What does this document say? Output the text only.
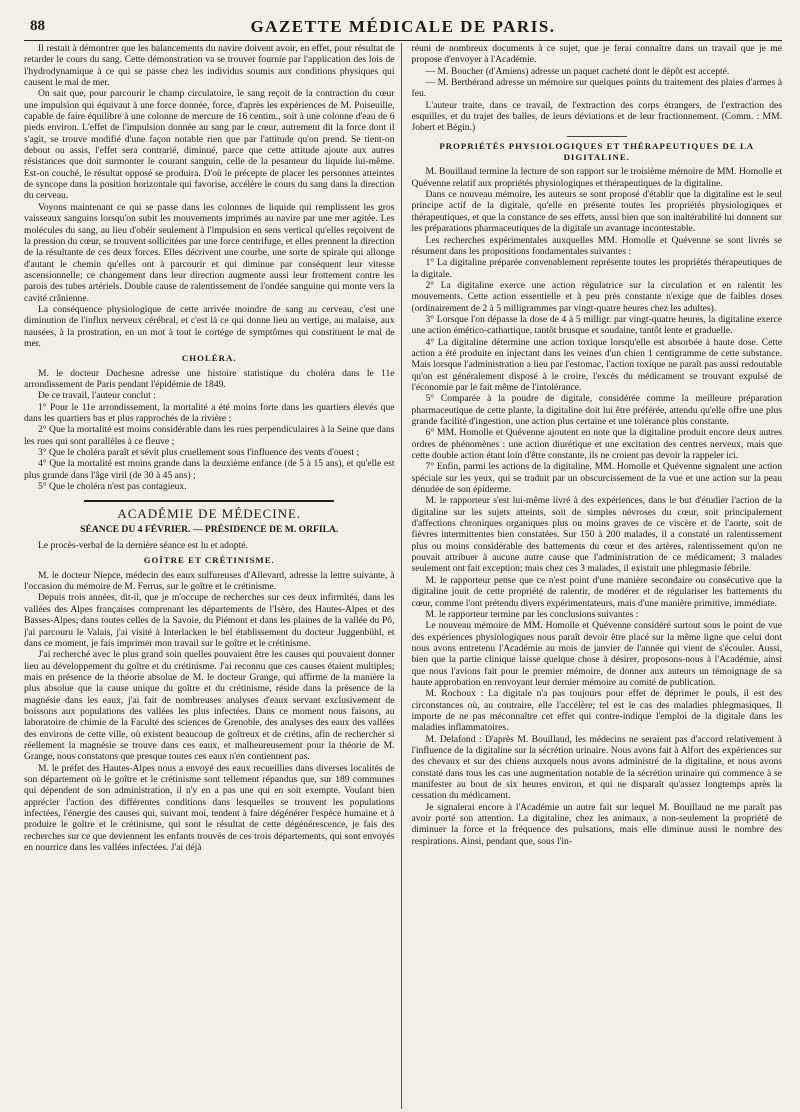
88	GAZETTE MÉDICALE DE PARIS.

Il restait à démontrer que les balancements du navire doivent avoir, en effet, pour résultat de retarder le cours du sang. Cette démonstration va se trouver fournie par l'application des lois de l'hydrodynamique à ce qui se passe chez les individus soumis aux conditions physiques qui causent le mal de mer.

On sait que, pour parcourir le champ circulatoire, le sang reçoit de la contraction du cœur une impulsion qui équivaut à une force donnée, force, d'après les expériences de M. Poiseuille, capable de faire équilibre à une colonne de mercure de 16 centim., soit à une colonne d'eau de 6 pieds environ. L'effet de l'impulsion donnée au sang par le cœur, autrement dit la force dont il s'agit, se trouve modifié d'une façon notable rien que par l'attitude qu'on prend. Se tient-on debout ou assis, l'effet sera contrarié, diminué, parce que cette attitude ajoute aux autres résistances que doit surmonter le courant sanguin, celle de la pesanteur du liquide lui-même. Est-on couché, le résultat opposé se produira. D'où le précepte de placer les personnes atteintes de syncope dans la position horizontale qui favorise, accélère le cours du sang dans la direction du cerveau.

Voyons maintenant ce qui se passe dans les colonnes de liquide qui remplissent les gros vaisseaux sanguins lorsqu'on subit les mouvements imprimés au navire par une mer agitée. Les molécules du sang, au lieu d'obéir seulement à l'impulsion en sens vertical qu'elles reçoivent de la pression du cœur, se trouvent sollicitées par une force centrifuge, et elles prennent la direction de la résultante de ces deux forces. Elles décrivent une courbe, une sorte de spirale qui allonge d'autant le chemin qu'elles ont à parcourir et qui diminue par conséquent leur vitesse ascensionnelle; ce changement dans leur direction augmente aussi leur frottement contre les parois des tubes artériels. Double cause de ralentissement de l'ondée sanguine qui monte vers la cavité crânienne.

La conséquence physiologique de cette arrivée moindre de sang au cerveau, c'est une diminution de l'influx nerveux cérébral, et c'est là ce qui donne lieu au vertige, au malaise, aux nausées, à la prostration, en un mot à tout le cortége de symptômes qui constituent le mal de mer.

CHOLÉRA.

M. le docteur Duchesne adresse une histoire statistique du choléra dans le 11e arrondissement de Paris pendant l'épidémie de 1849.

De ce travail, l'auteur conclut :

1° Pour le 11e arrondissement, la mortalité a été moins forte dans les quartiers élevés que dans les quartiers bas et plus rapprochés de la rivière ;

2° Que la mortalité est moins considérable dans les rues perpendiculaires à la Seine que dans les rues qui sont parallèles à ce fleuve ;

3° Que le choléra paraît et sévit plus cruellement sous l'influence des vents d'ouest ;

4° Que la mortalité est moins grande dans la deuxième enfance (de 5 à 15 ans), et qu'elle est plus grande dans l'âge viril (de 30 à 45 ans) ;

5° Que le choléra n'est pas contagieux.

ACADÉMIE DE MÉDECINE.
SÉANCE DU 4 FÉVRIER. — PRÉSIDENCE DE M. ORFILA.

Le procès-verbal de la dernière séance est lu et adopté.

GOÎTRE ET CRÉTINISME.

M. le docteur Niepce, médecin des eaux sulfureuses d'Allevard, adresse la lettre suivante, à l'occasion du mémoire de M. Ferrus, sur le goître et le crétinisme.

Depuis trois années, dit-il, que je m'occupe de recherches sur ces deux infirmités, dans les vallées des Alpes françaises comprenant les départements de l'Isère, des Hautes-Alpes et des Basses-Alpes; dans toutes celles de la Savoie, du Piémont et dans les plaines de la vallée du Pô, j'ai parcouru le Valais, j'ai visité à Interlacken le bel établissement du docteur Juggenbühl, et dans ce moment, je fais imprimer mon travail sur le goître et le crétinisme.

J'ai recherché avec le plus grand soin quelles pouvaient être les causes qui pouvaient donner lieu au développement du goître et du crétinisme. J'ai reconnu que ces causes étaient multiples; mais en présence de la théorie absolue de M. le docteur Grange, qui affirme de la manière la plus absolue que la cause unique du goître et du crétinisme, réside dans la présence de la magnésie dans les eaux, j'ai fait de nombreuses analyses d'eaux servant exclusivement de boissons aux populations des vallées les plus infectées. Dans ce moment nous faisons, au laboratoire de chimie de la Faculté des sciences de Grenoble, des analyses des eaux des vallées des environs de cette ville, où existent beaucoup de goîtreux et de crétins, afin de rechercher si réellement la magnésie se trouve dans ces eaux, et malheureusement pour la théorie de M. Grange, nous constatons que presque toutes ces eaux n'en contiennent pas.

M. le préfet des Hautes-Alpes nous a envoyé des eaux recueillies dans diverses localités de son département où le goître et le crétinisme sont tellement répandus que, sur 189 communes qui dépendent de son administration, il n'y en a pas une qui en soit exempte. Voulant bien apprécier l'action des différentes conditions dans lesquelles se trouvent les populations infectées, l'énergie des causes qui, suivant moi, tendent à faire dégénérer l'espèce humaine et à produire le goître et le crétinisme, qui sont le résultat de cette dégénérescence, je fais des recherches sur ce que deviennent les enfants trouvés de ces trois départements, qui sont envoyés en nourrice dans les vallées infectées. J'ai déjà

réuni de nombreux documents à ce sujet, que je ferai connaître dans un travail que je me propose d'envoyer à l'Académie.

— M. Boucher (d'Amiens) adresse un paquet cacheté dont le dépôt est accepté.

— M. Berthérand adresse un mémoire sur quelques points du traitement des plaies d'armes à feu.

L'auteur traite, dans ce travail, de l'extraction des corps étrangers, de l'extraction des esquilles, et du trajet des balles, de leurs déviations et de leur fractionnement. (Comm. : MM. Jobert et Bégin.)

PROPRIÉTÉS PHYSIOLOGIQUES ET THÉRAPEUTIQUES DE LA DIGITALINE.

M. Bouillaud termine la lecture de son rapport sur le troisième mémoire de MM. Homolle et Quévenne relatif aux propriétés physiologiques et thérapeutiques de la digitaline.

Dans ce nouveau mémoire, les auteurs se sont proposé d'établir que la digitaline est le seul principe actif de la digitale, qu'elle en présente toutes les propriétés physiologiques et thérapeutiques, et que la constance de ses effets, aussi bien que son inaltérabilité lui donnent sur les préparations pharmaceutiques de la digitale un avantage incontestable.

Les recherches expérimentales auxquelles MM. Homolle et Quévenne se sont livrés se résument dans les propositions fondamentales suivantes :

1° La digitaline préparée convenablement représente toutes les propriétés thérapeutiques de la digitale.

2° La digitaline exerce une action régulatrice sur la circulation et en ralentit les mouvements. Cette action essentielle et à peu près constante n'exige que de faibles doses (ordinairement de 2 à 5 milligrammes par vingt-quatre heures chez les adultes).

3° Lorsque l'on dépasse la dose de 4 à 5 milligr. par vingt-quatre heures, la digitaline exerce une action émético-cathartique, tantôt brusque et soudaine, tantôt lente et graduelle.

4° La digitaline détermine une action toxique lorsqu'elle est absorbée à haute dose. Cette action a été produite en injectant dans les veines d'un chien 1 centigramme de cette substance. Mais lorsque l'administration a lieu par l'estomac, l'action toxique ne paraît pas aussi redoutable qu'on est généralement disposé à le croire, l'excès du médicament se trouvant expulsé de l'économie par le fait même de l'intolérance.

5° Comparée à la poudre de digitale, considérée comme la meilleure préparation pharmaceutique de cette plante, la digitaline doit lui être préférée, attendu qu'elle offre une plus grande facilité d'ingestion, une action plus certaine et une tolérance plus constante.

6° MM. Homolle et Quévenne ajoutent en note que la digitaline produit encore deux autres ordres de phénomènes : une action diurétique et une excitation des centres nerveux, mais que cette double action étant loin d'être constante, ils ne croient pas devoir la rappeler ici.

7° Enfin, parmi les actions de la digitaline, MM. Homolle et Quévenne signalent une action spéciale sur les yeux, qui se traduit par un obscurcissement de la vue et une action sur la peau dénudée de son épiderme.

M. le rapporteur s'est lui-même livré à des expériences, dans le but d'étudier l'action de la digitaline sur les sujets atteints, soit de simples névroses du cœur, soit principalement d'affections chroniques organiques plus ou moins graves de ce viscère et de l'aorte, soit de fièvres intermittentes bien constatées. Sur 150 à 200 malades, il a constaté un ralentissement plus ou moins considérable des battements du cœur et des artères, ralentissement qu'on ne pouvait attribuer à aucune autre cause que l'administration de ce médicament; 3 malades seulement ont fait exception; mais chez ces 3 malades, il existait une phlegmasie fébrile.

M. le rapporteur pense que ce n'est point d'une manière secondaire ou consécutive que la digitaline jouit de cette propriété de ralentir, de modérer et de régulariser les battements du cœur, comme l'ont prétendu divers expérimentateurs, mais d'une manière primitive, immédiate.

M. le rapporteur termine par les conclusions suivantes :

Le nouveau mémoire de MM. Homolle et Quévenne considéré surtout sous le point de vue des expériences physiologiques nous paraît devoir être placé sur la même ligne que celui dont nous avons entretenu l'Académie au mois de janvier de l'année qui vient de s'écouler. Aussi, bien que la partie clinique laisse quelque chose à désirer, proposons-nous à l'Académie, ainsi que nous l'avions fait pour le premier mémoire, de donner aux auteurs un témoignage de sa haute approbation en renvoyant leur dernier mémoire au comité de publication.

M. Rochoux : La digitale n'a pas toujours pour effet de déprimer le pouls, il est des circonstances où, au contraire, elle l'accélère; tel est le cas des maladies phlegmasiques. Il importe de ne pas méconnaître cet effet qui contre-indique l'emploi de la digitale dans les maladies inflammatoires.

M. Delafond : D'après M. Bouillaud, les médecins ne seraient pas d'accord relativement à l'influence de la digitaline sur la sécrétion urinaire. Nous avons fait à Alfort des expériences sur des chevaux et sur des chiens auxquels nous avons administré de la digitaline, et nous avons constaté dans tous les cas une augmentation notable de la sécrétion urinaire qui commence à se manifester au bout de six heures environ, et qui ne disparaît qu'assez longtemps après la cessation du médicament.

Je signalerai encore à l'Académie un autre fait sur lequel M. Bouillaud ne me paraît pas avoir porté son attention. La digitaline, chez les animaux, a non-seulement la propriété de diminuer la force et la fréquence des pulsations, mais elle diminue aussi le nombre des respirations. Ainsi, pendant que, sous l'in-
